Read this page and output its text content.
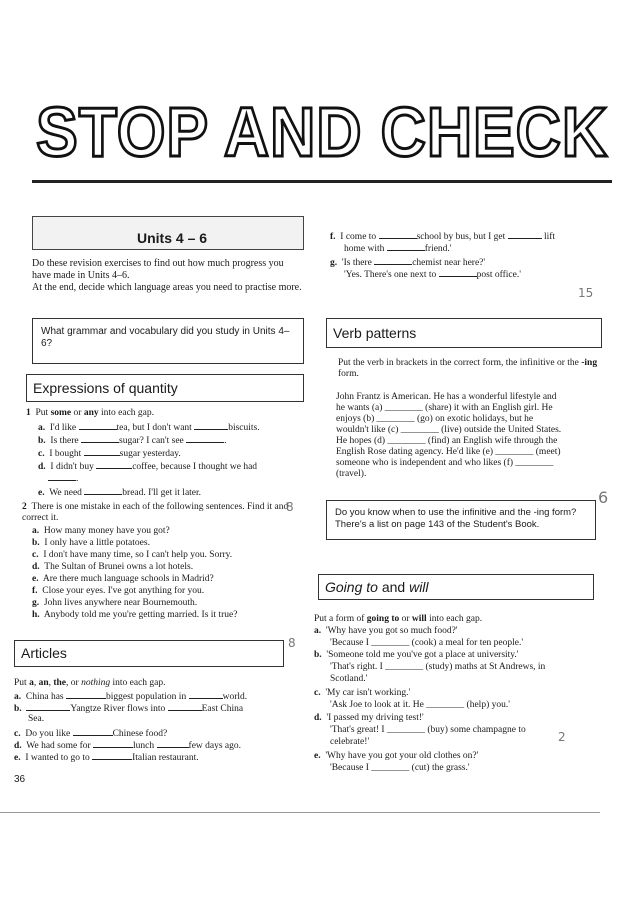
STOP AND CHECK
Units 4 – 6
Do these revision exercises to find out how much progress you have made in Units 4–6.
At the end, decide which language areas you need to practise more.
What grammar and vocabulary did you study in Units 4–6?
Expressions of quantity
1 Put some or any into each gap.
a. I'd like	tea, but I don't want	biscuits.
b. Is there	sugar? I can't see	.
c. I bought	sugar yesterday.
d. I didn't buy	coffee, because I thought we had
.
e. We need	bread. I'll get it later.
2 There is one mistake in each of the following sentences. Find it and correct it.
a. How many money have you got?
b. I only have a little potatoes.
c. I don't have many time, so I can't help you. Sorry.
d. The Sultan of Brunei owns a lot hotels.
e. Are there much language schools in Madrid?
f. Close your eyes. I've got anything for you.
g. John lives anywhere near Bournemouth.
h. Anybody told me you're getting married. Is it true?
Articles
Put a, an, the, or nothing into each gap.
a. China has	biggest population in	world.
b.	Yangtze River flows into	East China
Sea.
c. Do you like	Chinese food?
d. We had some for	lunch	few days ago.
e. I wanted to go to	Italian restaurant.
36
f. I come to	school by bus, but I get	lift
home with	friend.'
g. 'Is there	chemist near here?'
'Yes. There's one next to	post office.'
Verb patterns
Put the verb in brackets in the correct form, the infinitive or the -ing form.
John Frantz is American. He has a wonderful lifestyle and
he wants (a) ________ (share) it with an English girl. He
enjoys (b) ________ (go) on exotic holidays, but he
wouldn't like (c) ________ (live) outside the United States.
He hopes (d) ________ (find) an English wife through the
English Rose dating agency. He'd like (e) ________ (meet)
someone who is independent and who likes (f) ________
(travel).
Do you know when to use the infinitive and the -ing form? There's a list on page 143 of the Student's Book.
Going to and will
Put a form of going to or will into each gap.
a. 'Why have you got so much food?'
'Because I ________ (cook) a meal for ten people.'
b. 'Someone told me you've got a place at university.'
'That's right. I ________ (study) maths at St Andrews, in
Scotland.'
c. 'My car isn't working.'
'Ask Joe to look at it. He ________ (help) you.'
d. 'I passed my driving test!'
'That's great! I ________ (buy) some champagne to
celebrate!'
e. 'Why have you got your old clothes on?'
'Because I ________ (cut) the grass.'
15
6
8
8
2
